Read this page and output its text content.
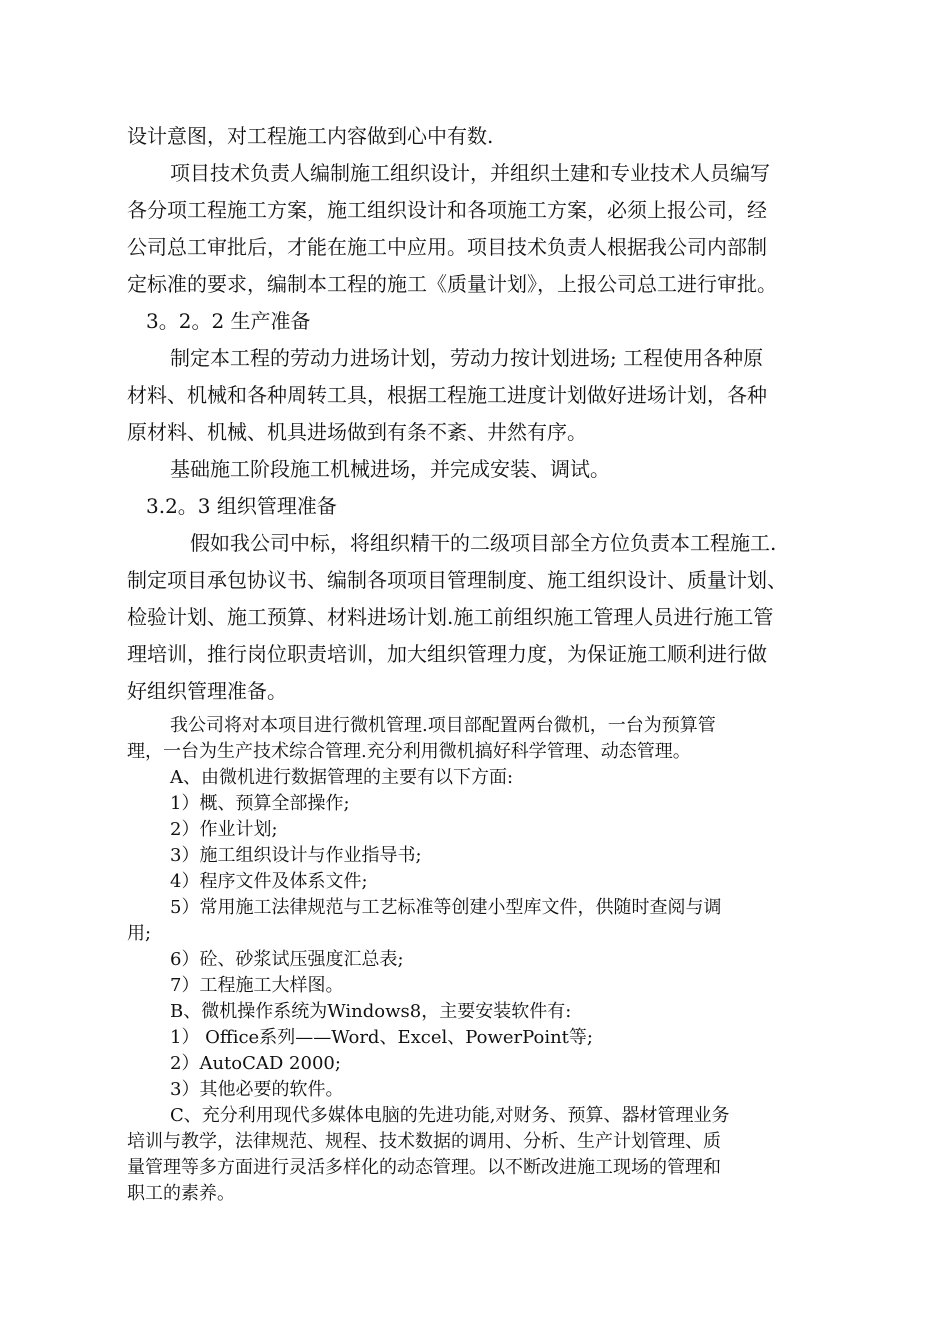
设计意图，对工程施工内容做到心中有数.
项目技术负责人编制施工组织设计，并组织土建和专业技术人员编写
各分项工程施工方案，施工组织设计和各项施工方案，必须上报公司，经
公司总工审批后，才能在施工中应用。项目技术负责人根据我公司内部制
定标准的要求，编制本工程的施工《质量计划》，上报公司总工进行审批。
3。2。2 生产准备
制定本工程的劳动力进场计划，劳动力按计划进场; 工程使用各种原
材料、机械和各种周转工具，根据工程施工进度计划做好进场计划，各种
原材料、机械、机具进场做到有条不紊、井然有序。
基础施工阶段施工机械进场，并完成安装、调试。
3.2。3 组织管理准备
假如我公司中标，将组织精干的二级项目部全方位负责本工程施工.
制定项目承包协议书、编制各项项目管理制度、施工组织设计、质量计划、
检验计划、施工预算、材料进场计划.施工前组织施工管理人员进行施工管
理培训，推行岗位职责培训，加大组织管理力度，为保证施工顺利进行做
好组织管理准备。
我公司将对本项目进行微机管理.项目部配置两台微机，一台为预算管
理，一台为生产技术综合管理.充分利用微机搞好科学管理、动态管理。
A、由微机进行数据管理的主要有以下方面:
1）概、预算全部操作;
2）作业计划;
3）施工组织设计与作业指导书;
4）程序文件及体系文件;
5）常用施工法律规范与工艺标准等创建小型库文件，供随时查阅与调
用;
6）砼、砂浆试压强度汇总表;
7）工程施工大样图。
B、微机操作系统为Windows8，主要安装软件有:
1） Office系列——Word、Excel、PowerPoint等;
2）AutoCAD 2000;
3）其他必要的软件。
C、充分利用现代多媒体电脑的先进功能,对财务、预算、器材管理业务
培训与教学，法律规范、规程、技术数据的调用、分析、生产计划管理、质
量管理等多方面进行灵活多样化的动态管理。以不断改进施工现场的管理和
职工的素养。
